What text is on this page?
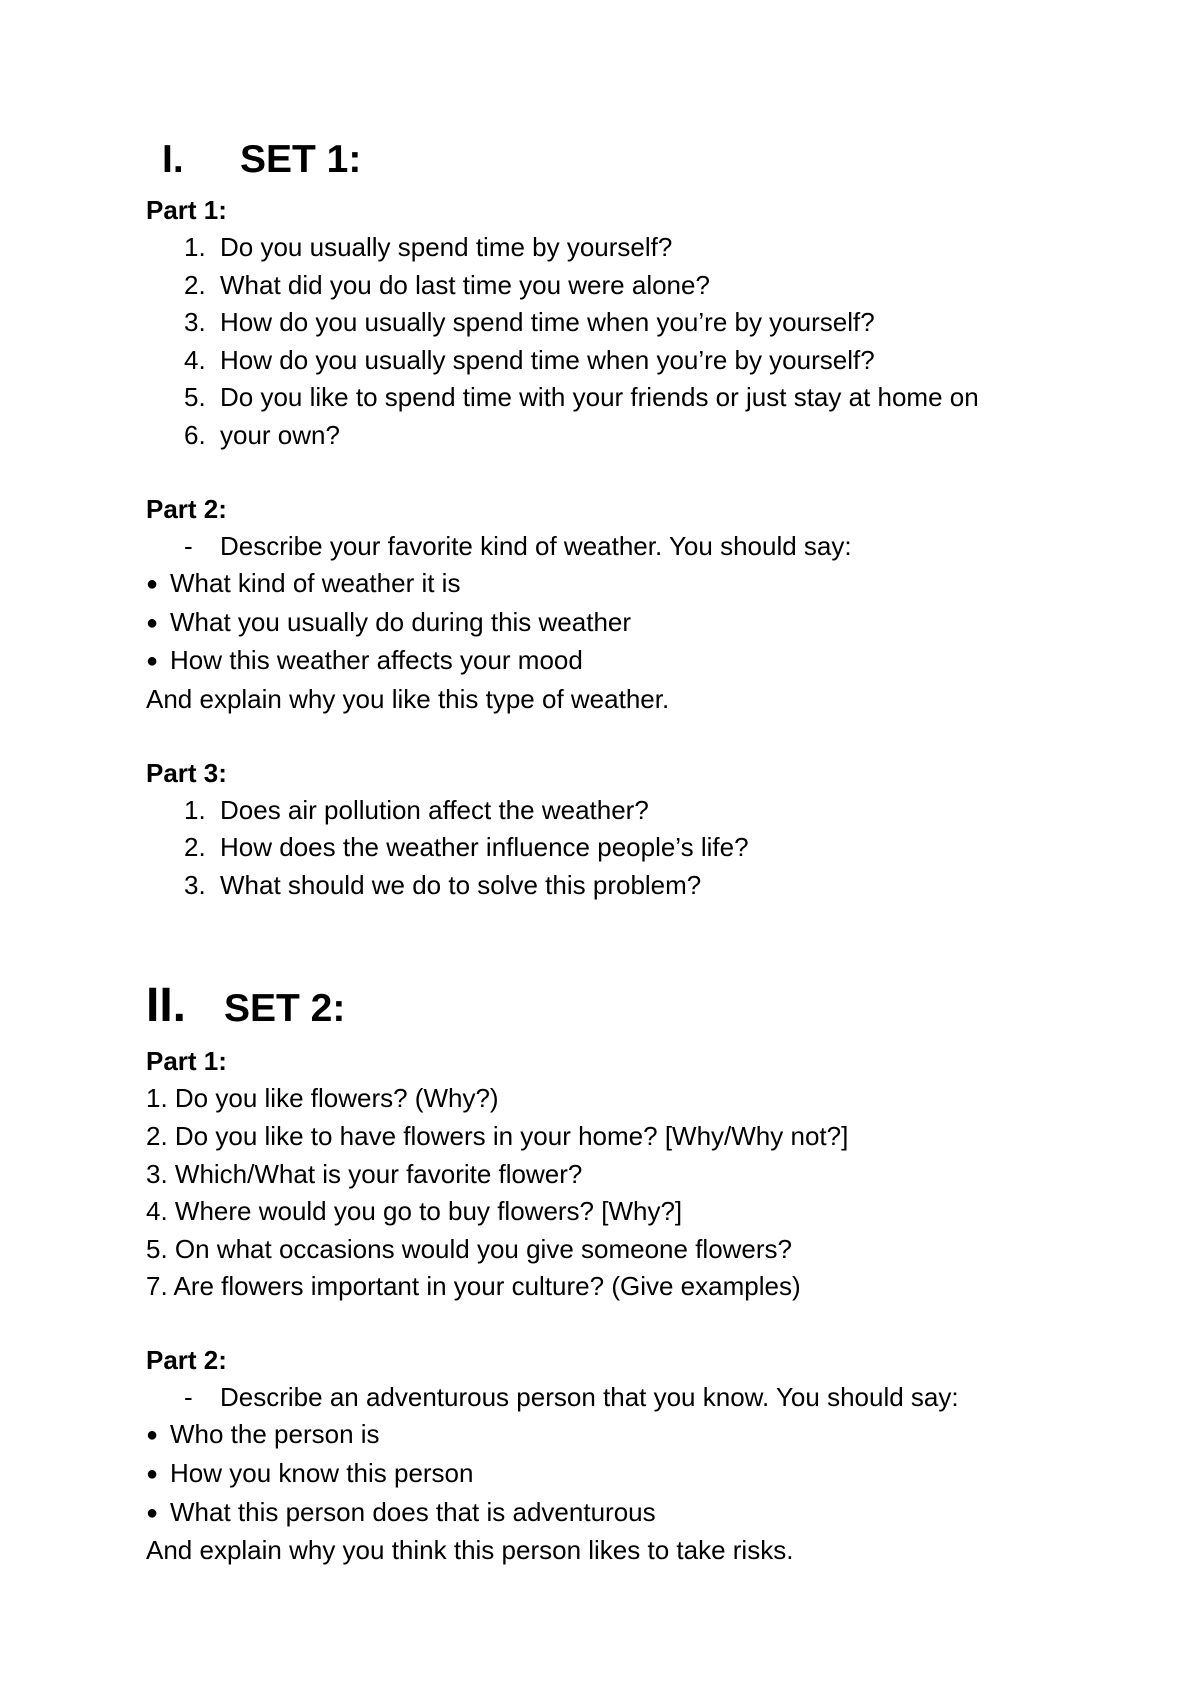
I.	SET 1:

Part 1:

1. Do you usually spend time by yourself?
2. What did you do last time you were alone?
3. How do you usually spend time when you’re by yourself?
4. How do you usually spend time when you’re by yourself?
5. Do you like to spend time with your friends or just stay at home on
6. your own?

Part 2:

-	Describe your favorite kind of weather. You should say:
● What kind of weather it is
● What you usually do during this weather
● How this weather affects your mood

And explain why you like this type of weather.

Part 3:

1. Does air pollution affect the weather?
2. How does the weather influence people’s life?
3. What should we do to solve this problem?
II. SET 2:

Part 1:

1. Do you like flowers? (Why?)

2. Do you like to have flowers in your home? [Why/Why not?]

3. Which/What is your favorite flower?

4. Where would you go to buy flowers? [Why?]

5. On what occasions would you give someone flowers?

7. Are flowers important in your culture? (Give examples)

Part 2:

-	Describe an adventurous person that you know. You should say:
● Who the person is
● How you know this person
● What this person does that is adventurous

And explain why you think this person likes to take risks.
